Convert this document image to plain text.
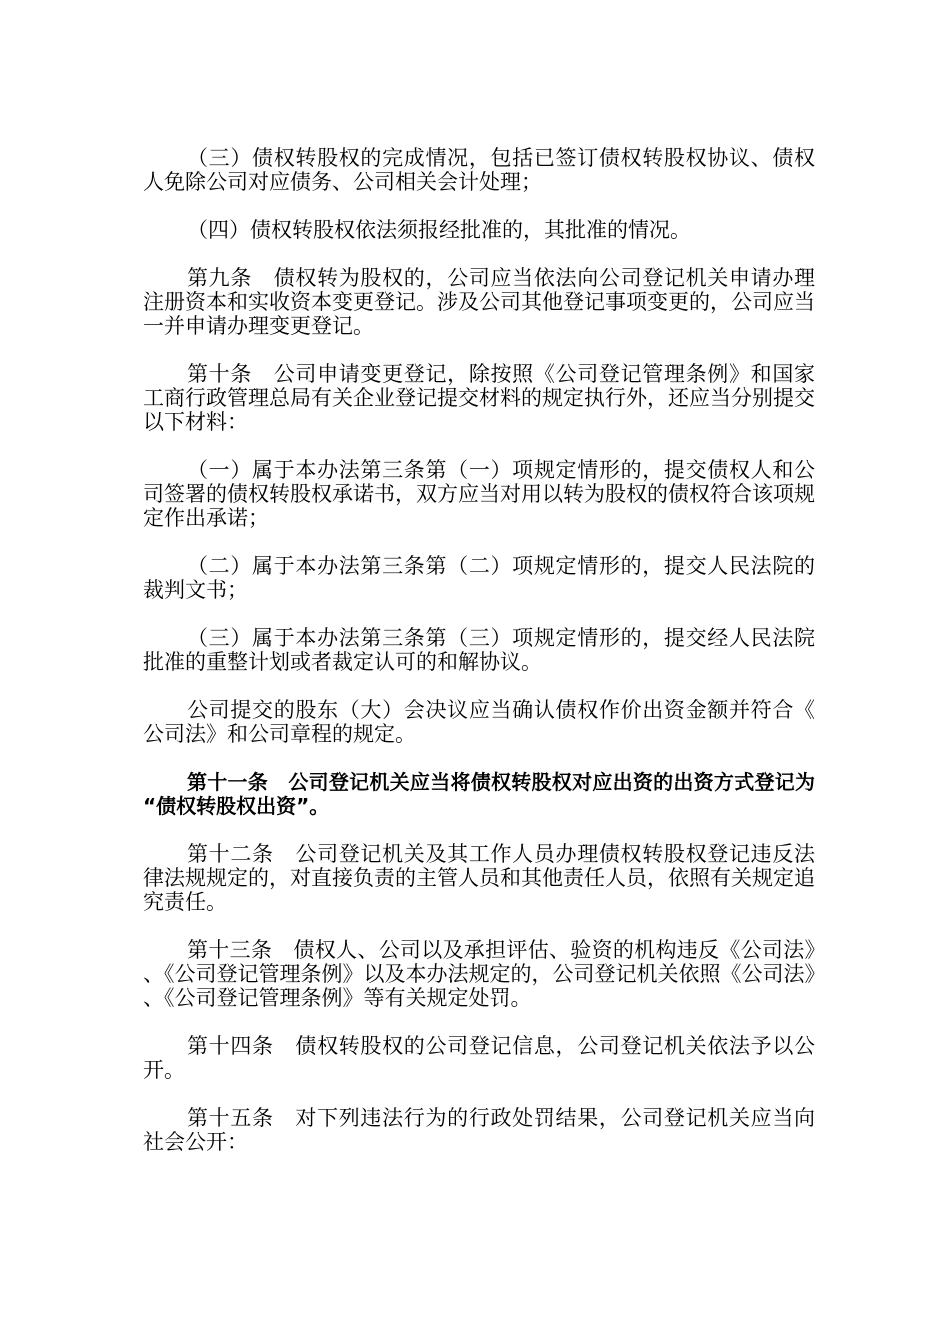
（三）债权转股权的完成情况，包括已签订债权转股权协议、债权人免除公司对应债务、公司相关会计处理；

（四）债权转股权依法须报经批准的，其批准的情况。

第九条　债权转为股权的，公司应当依法向公司登记机关申请办理注册资本和实收资本变更登记。涉及公司其他登记事项变更的，公司应当一并申请办理变更登记。

第十条　公司申请变更登记，除按照《公司登记管理条例》和国家工商行政管理总局有关企业登记提交材料的规定执行外，还应当分别提交以下材料：

（一）属于本办法第三条第（一）项规定情形的，提交债权人和公司签署的债权转股权承诺书，双方应当对用以转为股权的债权符合该项规定作出承诺；

（二）属于本办法第三条第（二）项规定情形的，提交人民法院的裁判文书；

（三）属于本办法第三条第（三）项规定情形的，提交经人民法院批准的重整计划或者裁定认可的和解协议。

公司提交的股东（大）会决议应当确认债权作价出资金额并符合《公司法》和公司章程的规定。

第十一条　公司登记机关应当将债权转股权对应出资的出资方式登记为“债权转股权出资”。

第十二条　公司登记机关及其工作人员办理债权转股权登记违反法律法规规定的，对直接负责的主管人员和其他责任人员，依照有关规定追究责任。

第十三条　债权人、公司以及承担评估、验资的机构违反《公司法》、《公司登记管理条例》以及本办法规定的，公司登记机关依照《公司法》、《公司登记管理条例》等有关规定处罚。

第十四条　债权转股权的公司登记信息，公司登记机关依法予以公开。

第十五条　对下列违法行为的行政处罚结果，公司登记机关应当向社会公开：
